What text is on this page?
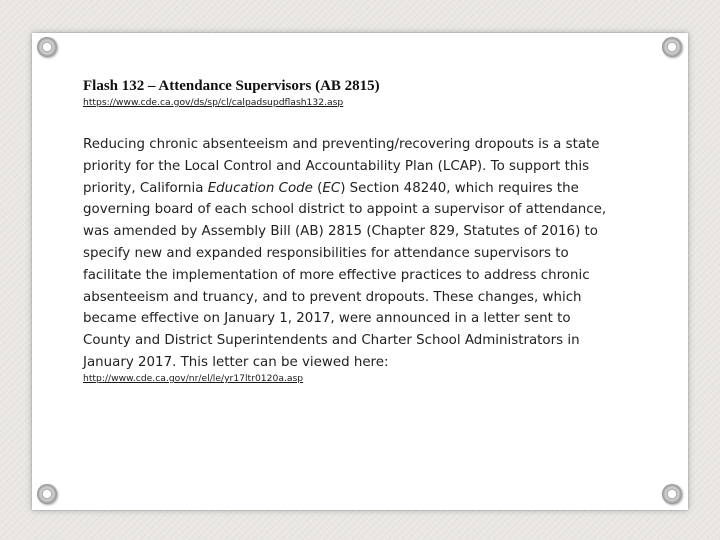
Flash 132 – Attendance Supervisors (AB 2815)
https://www.cde.ca.gov/ds/sp/cl/calpadsupdflash132.asp

Reducing chronic absenteeism and preventing/recovering dropouts is a state
priority for the Local Control and Accountability Plan (LCAP). To support this
priority, California Education Code (EC) Section 48240, which requires the
governing board of each school district to appoint a supervisor of attendance,
was amended by Assembly Bill (AB) 2815 (Chapter 829, Statutes of 2016) to
specify new and expanded responsibilities for attendance supervisors to
facilitate the implementation of more effective practices to address chronic
absenteeism and truancy, and to prevent dropouts. These changes, which
became effective on January 1, 2017, were announced in a letter sent to
County and District Superintendents and Charter School Administrators in
January 2017. This letter can be viewed here:

http://www.cde.ca.gov/nr/el/le/yr17ltr0120a.asp
